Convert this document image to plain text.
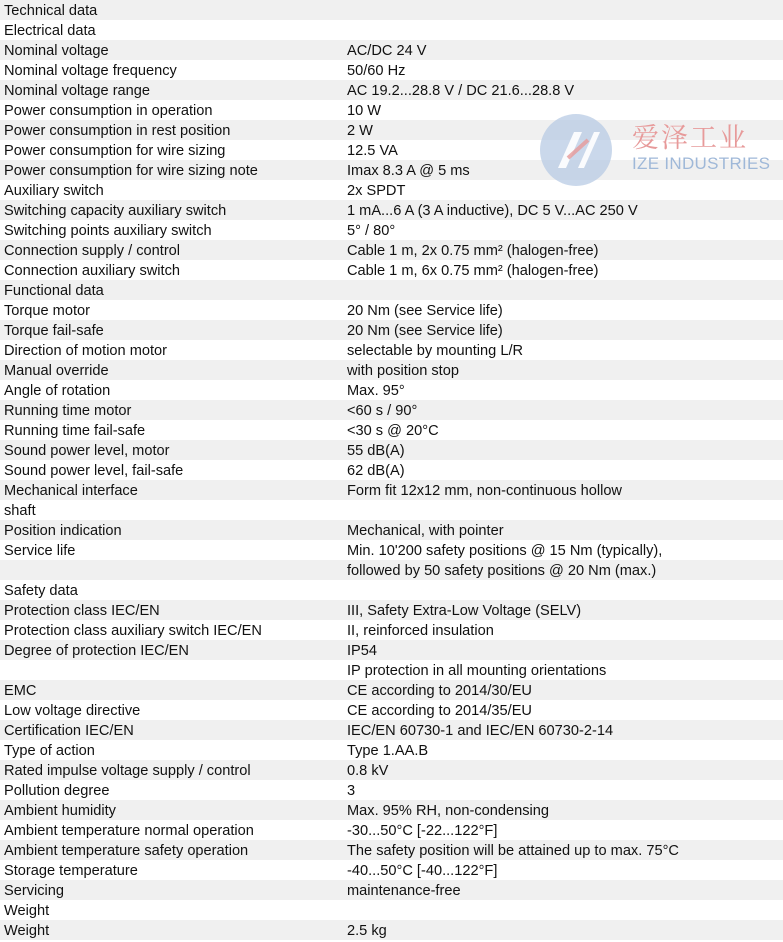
Technical data
Electrical data
Nominal voltage	AC/DC 24 V
Nominal voltage frequency	50/60 Hz
Nominal voltage range	AC 19.2...28.8 V / DC 21.6...28.8 V
Power consumption in operation	10 W
Power consumption in rest position	2 W
Power consumption for wire sizing	12.5 VA
Power consumption for wire sizing note	Imax 8.3 A @ 5 ms
Auxiliary switch	2x SPDT
Switching capacity auxiliary switch	1 mA...6 A (3 A inductive), DC 5 V...AC 250 V
Switching points auxiliary switch	5° / 80°
Connection supply / control	Cable 1 m, 2x 0.75 mm² (halogen-free)
Connection auxiliary switch	Cable 1 m, 6x 0.75 mm² (halogen-free)
Functional data
Torque motor	20 Nm (see Service life)
Torque fail-safe	20 Nm (see Service life)
Direction of motion motor	selectable by mounting L/R
Manual override	with position stop
Angle of rotation	Max. 95°
Running time motor	<60 s / 90°
Running time fail-safe	<30 s @ 20°C
Sound power level, motor	55 dB(A)
Sound power level, fail-safe	62 dB(A)
Mechanical interface	Form fit 12x12 mm, non-continuous hollow
shaft
Position indication	Mechanical, with pointer
Service life	Min. 10'200 safety positions @ 15 Nm (typically),
followed by 50 safety positions @ 20 Nm (max.)
Safety data
Protection class IEC/EN	III, Safety Extra-Low Voltage (SELV)
Protection class auxiliary switch IEC/EN	II, reinforced insulation
Degree of protection IEC/EN	IP54
IP protection in all mounting orientations
EMC	CE according to 2014/30/EU
Low voltage directive	CE according to 2014/35/EU
Certification IEC/EN	IEC/EN 60730-1 and IEC/EN 60730-2-14
Type of action	Type 1.AA.B
Rated impulse voltage supply / control	0.8 kV
Pollution degree	3
Ambient humidity	Max. 95% RH, non-condensing
Ambient temperature normal operation	-30...50°C [-22...122°F]
Ambient temperature safety operation	The safety position will be attained up to max. 75°C
Storage temperature	-40...50°C [-40...122°F]
Servicing	maintenance-free
Weight
Weight	2.5 kg
爱泽工业
IZE INDUSTRIES
